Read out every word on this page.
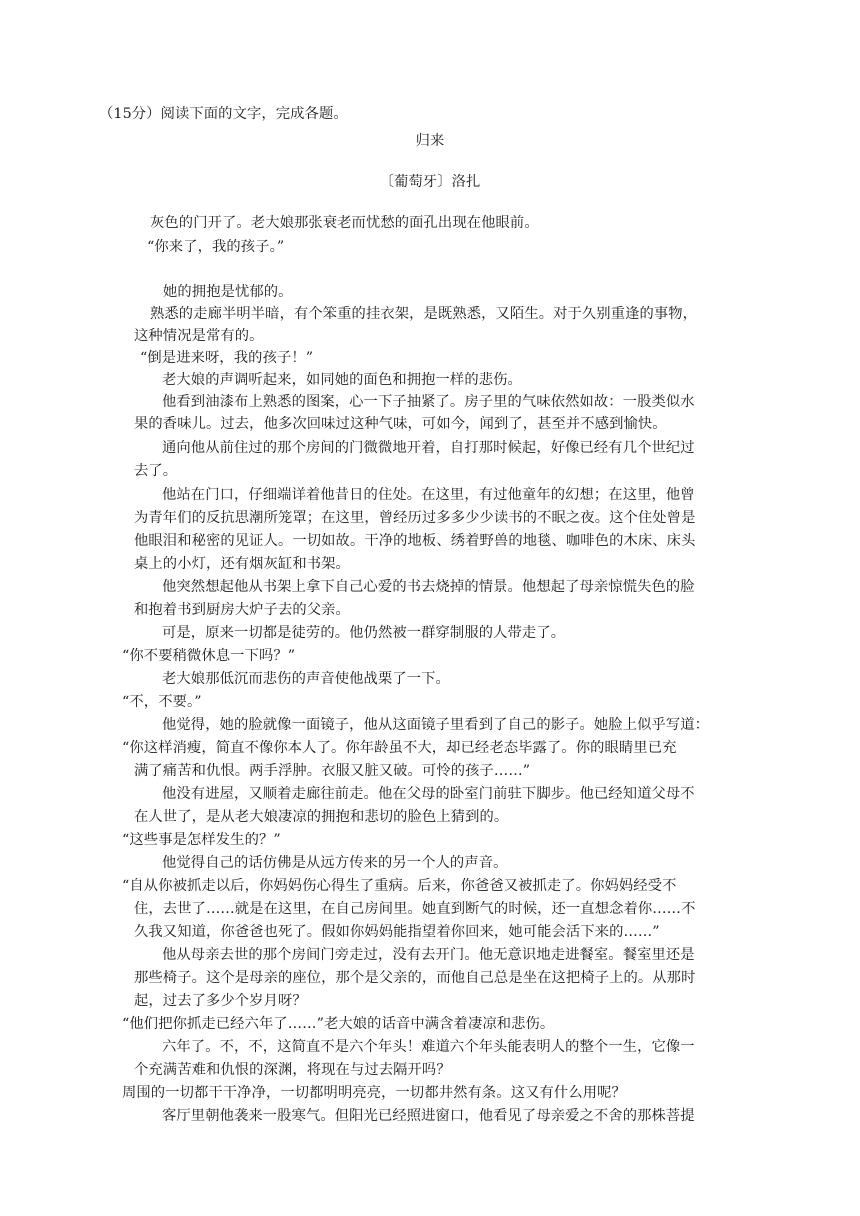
（15分）阅读下面的文字，完成各题。
归来
〔葡萄牙〕洛扎
灰色的门开了。老大娘那张衰老而忧愁的面孔出现在他眼前。
“你来了，我的孩子。”
她的拥抱是忧郁的。
熟悉的走廊半明半暗，有个笨重的挂衣架，是既熟悉，又陌生。对于久别重逢的事物，
这种情况是常有的。
“倒是进来呀，我的孩子！”
老大娘的声调听起来，如同她的面色和拥抱一样的悲伤。
他看到油漆布上熟悉的图案，心一下子抽紧了。房子里的气味依然如故：一股类似水
果的香味儿。过去，他多次回味过这种气味，可如今，闻到了，甚至并不感到愉快。
通向他从前住过的那个房间的门微微地开着，自打那时候起，好像已经有几个世纪过
去了。
他站在门口，仔细端详着他昔日的住处。在这里，有过他童年的幻想；在这里，他曾
为青年们的反抗思潮所笼罩；在这里，曾经历过多多少少读书的不眠之夜。这个住处曾是
他眼泪和秘密的见证人。一切如故。干净的地板、绣着野兽的地毯、咖啡色的木床、床头
桌上的小灯，还有烟灰缸和书架。
他突然想起他从书架上拿下自己心爱的书去烧掉的情景。他想起了母亲惊慌失色的脸
和抱着书到厨房大炉子去的父亲。
可是，原来一切都是徒劳的。他仍然被一群穿制服的人带走了。
“你不要稍微休息一下吗？”
老大娘那低沉而悲伤的声音使他战栗了一下。
“不，不要。”
他觉得，她的脸就像一面镜子，他从这面镜子里看到了自己的影子。她脸上似乎写道：
“你这样消瘦，简直不像你本人了。你年龄虽不大，却已经老态毕露了。你的眼睛里已充
满了痛苦和仇恨。两手浮肿。衣服又脏又破。可怜的孩子……”
他没有进屋，又顺着走廊往前走。他在父母的卧室门前驻下脚步。他已经知道父母不
在人世了，是从老大娘凄凉的拥抱和悲切的脸色上猜到的。
“这些事是怎样发生的？”
他觉得自己的话仿佛是从远方传来的另一个人的声音。
“自从你被抓走以后，你妈妈伤心得生了重病。后来，你爸爸又被抓走了。你妈妈经受不
住，去世了……就是在这里，在自己房间里。她直到断气的时候，还一直想念着你……不
久我又知道，你爸爸也死了。假如你妈妈能指望着你回来，她可能会活下来的……”
他从母亲去世的那个房间门旁走过，没有去开门。他无意识地走进餐室。餐室里还是
那些椅子。这个是母亲的座位，那个是父亲的，而他自己总是坐在这把椅子上的。从那时
起，过去了多少个岁月呀？
“他们把你抓走已经六年了……”老大娘的话音中满含着凄凉和悲伤。
六年了。不，不，这简直不是六个年头！难道六个年头能表明人的整个一生，它像一
个充满苦难和仇恨的深渊，将现在与过去隔开吗？
周围的一切都干干净净，一切都明明亮亮，一切都井然有条。这又有什么用呢？
客厅里朝他袭来一股寒气。但阳光已经照进窗口，他看见了母亲爱之不舍的那株菩提
